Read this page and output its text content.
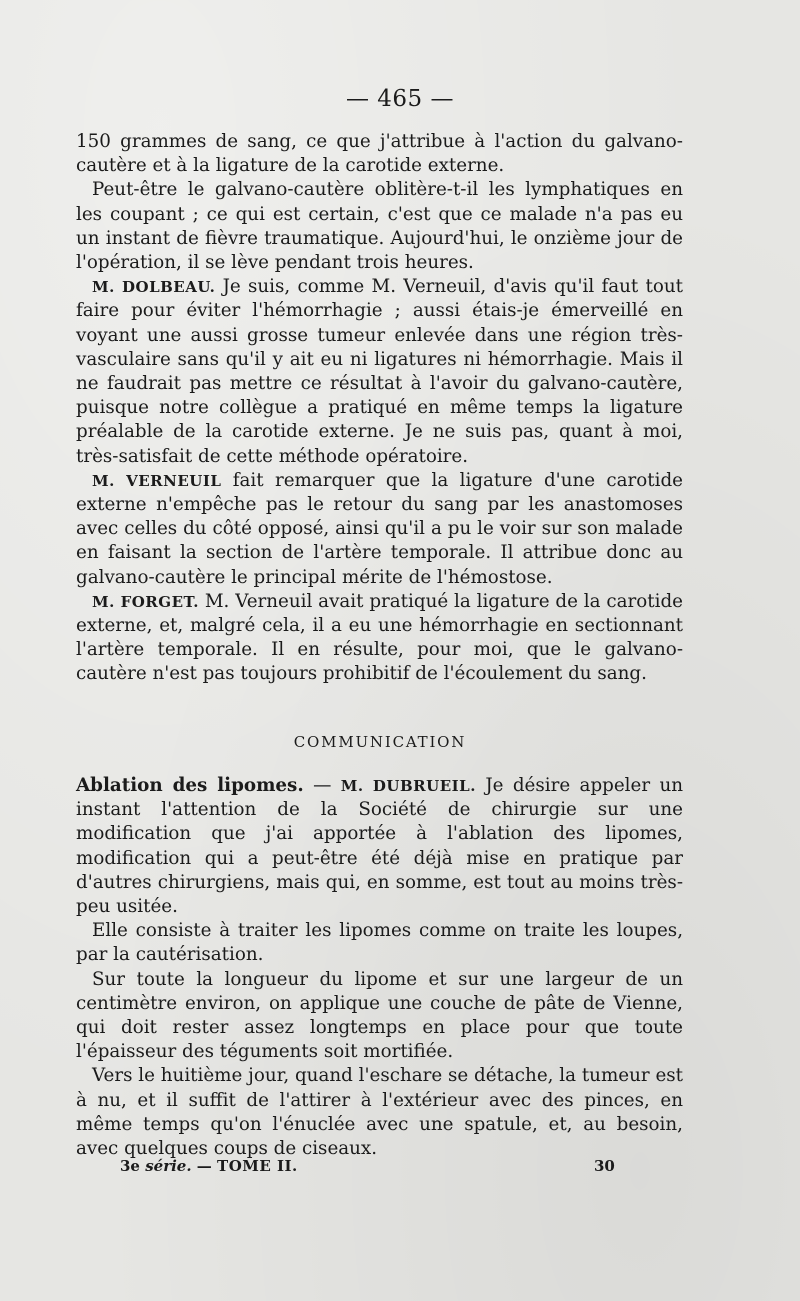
— 465 —

150 grammes de sang, ce que j'attribue à l'action du galvano-cautère et à la ligature de la carotide externe.

Peut-être le galvano-cautère oblitère-t-il les lymphatiques en les coupant ; ce qui est certain, c'est que ce malade n'a pas eu un instant de fièvre traumatique. Aujourd'hui, le onzième jour de l'opération, il se lève pendant trois heures.

M. DOLBEAU. Je suis, comme M. Verneuil, d'avis qu'il faut tout faire pour éviter l'hémorrhagie ; aussi étais-je émerveillé en voyant une aussi grosse tumeur enlevée dans une région très-vasculaire sans qu'il y ait eu ni ligatures ni hémorrhagie. Mais il ne faudrait pas mettre ce résultat à l'avoir du galvano-cautère, puisque notre collègue a pratiqué en même temps la ligature préalable de la carotide externe. Je ne suis pas, quant à moi, très-satisfait de cette méthode opératoire.

M. VERNEUIL fait remarquer que la ligature d'une carotide externe n'empêche pas le retour du sang par les anastomoses avec celles du côté opposé, ainsi qu'il a pu le voir sur son malade en faisant la section de l'artère temporale. Il attribue donc au galvano-cautère le principal mérite de l'hémostose.

M. FORGET. M. Verneuil avait pratiqué la ligature de la carotide externe, et, malgré cela, il a eu une hémorrhagie en sectionnant l'artère temporale. Il en résulte, pour moi, que le galvano-cautère n'est pas toujours prohibitif de l'écoulement du sang.

COMMUNICATION

Ablation des lipomes. — M. DUBRUEIL. Je désire appeler un instant l'attention de la Société de chirurgie sur une modification que j'ai apportée à l'ablation des lipomes, modification qui a peut-être été déjà mise en pratique par d'autres chirurgiens, mais qui, en somme, est tout au moins très-peu usitée.

Elle consiste à traiter les lipomes comme on traite les loupes, par la cautérisation.

Sur toute la longueur du lipome et sur une largeur de un centimètre environ, on applique une couche de pâte de Vienne, qui doit rester assez longtemps en place pour que toute l'épaisseur des téguments soit mortifiée.

Vers le huitième jour, quand l'eschare se détache, la tumeur est à nu, et il suffit de l'attirer à l'extérieur avec des pinces, en même temps qu'on l'énuclée avec une spatule, et, au besoin, avec quelques coups de ciseaux.

3e série. — TOME II.	30
